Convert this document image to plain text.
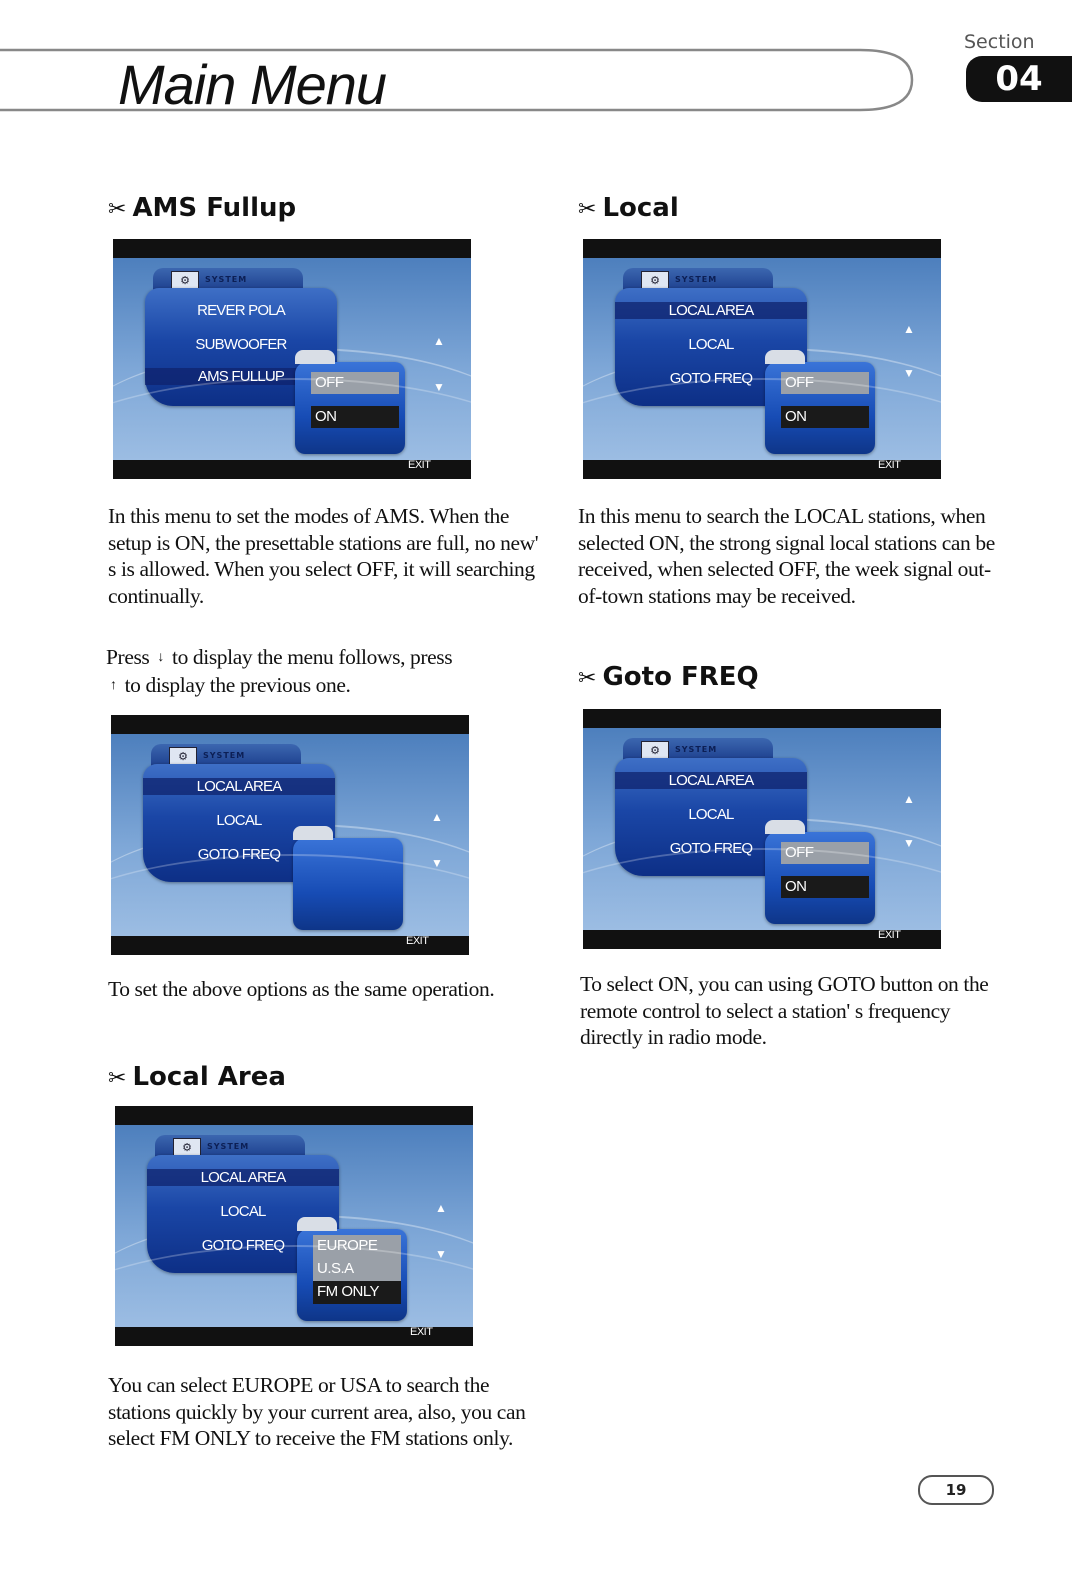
Main Menu
Section
04
✂ AMS Fullup
⚙	SYSTEM
REVER POLA
SUBWOOFER
AMS FULLUP	OFF
ON
▲
▼
EXIT

In this menu to set the modes of AMS. When the setup is ON, the presettable stations are full, no new' s is allowed. When you select OFF, it will searching continually.

Press ↓ to display the menu follows, press
↑ to display the previous one.

⚙	SYSTEM
LOCAL AREA
LOCAL
GOTO FREQ
▲
▼
EXIT

To set the above options as the same operation.

✂ Local Area
⚙	SYSTEM
LOCAL AREA
LOCAL
GOTO FREQ	EUROPE
U.S.A
FM ONLY
▲
▼
EXIT

You can select EUROPE or USA to search the stations quickly by your current area, also, you can select FM ONLY to receive the FM stations only.

✂ Local
⚙	SYSTEM
LOCAL AREA
LOCAL
GOTO FREQ	OFF
ON
▲
▼
EXIT

In this menu to search the LOCAL stations, when selected ON, the strong signal local stations can be received, when selected OFF, the week signal out-of-town stations may be received.

✂ Goto FREQ
⚙	SYSTEM
LOCAL AREA
LOCAL
GOTO FREQ	OFF
ON
▲
▼
EXIT

To select ON, you can using GOTO button on the remote control to select a station' s frequency directly in radio mode.

19
